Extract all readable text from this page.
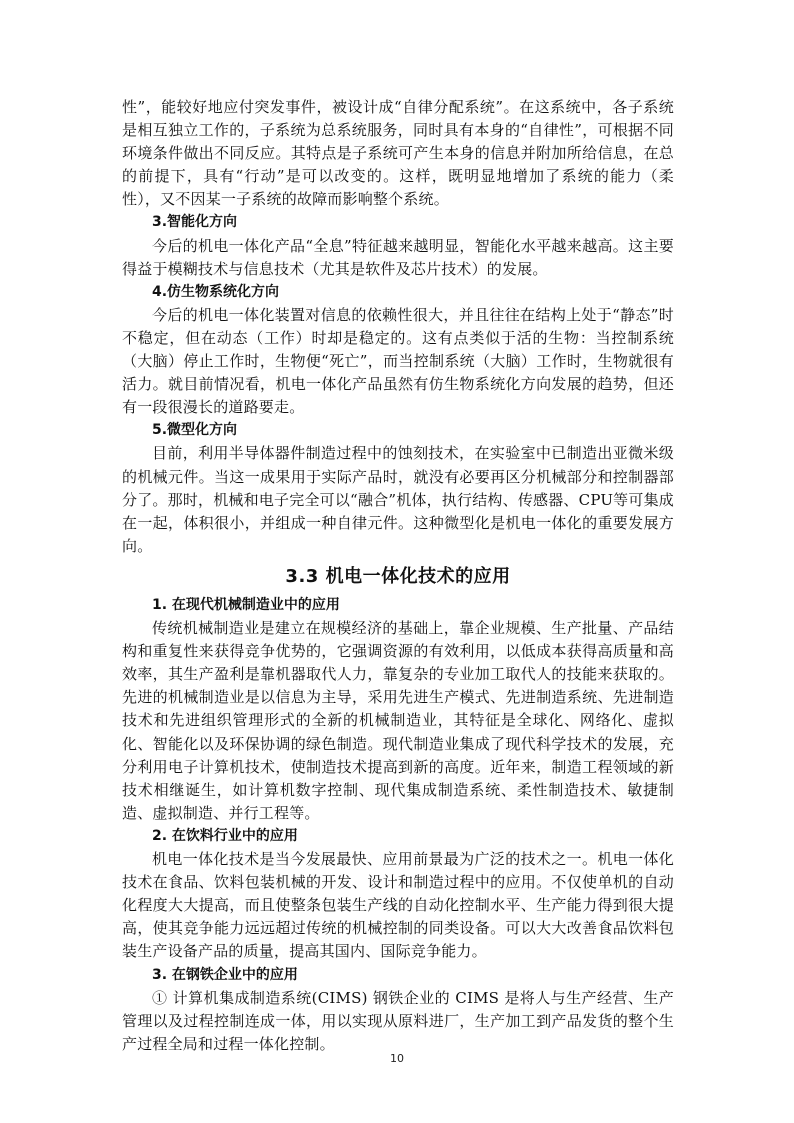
性”，能较好地应付突发事件，被设计成“自律分配系统”。在这系统中，各子系统是相互独立工作的，子系统为总系统服务，同时具有本身的“自律性”，可根据不同环境条件做出不同反应。其特点是子系统可产生本身的信息并附加所给信息，在总的前提下，具有“行动”是可以改变的。这样，既明显地增加了系统的能力（柔性），又不因某一子系统的故障而影响整个系统。

3.智能化方向

今后的机电一体化产品“全息”特征越来越明显，智能化水平越来越高。这主要得益于模糊技术与信息技术（尤其是软件及芯片技术）的发展。

4.仿生物系统化方向

今后的机电一体化装置对信息的依赖性很大，并且往往在结构上处于“静态”时不稳定，但在动态（工作）时却是稳定的。这有点类似于活的生物：当控制系统（大脑）停止工作时，生物便“死亡”，而当控制系统（大脑）工作时，生物就很有活力。就目前情况看，机电一体化产品虽然有仿生物系统化方向发展的趋势，但还有一段很漫长的道路要走。

5.微型化方向

目前，利用半导体器件制造过程中的蚀刻技术，在实验室中已制造出亚微米级的机械元件。当这一成果用于实际产品时，就没有必要再区分机械部分和控制器部分了。那时，机械和电子完全可以“融合”机体，执行结构、传感器、CPU等可集成在一起，体积很小，并组成一种自律元件。这种微型化是机电一体化的重要发展方向。

3.3 机电一体化技术的应用

1. 在现代机械制造业中的应用

传统机械制造业是建立在规模经济的基础上，靠企业规模、生产批量、产品结构和重复性来获得竞争优势的，它强调资源的有效利用，以低成本获得高质量和高效率，其生产盈利是靠机器取代人力，靠复杂的专业加工取代人的技能来获取的。先进的机械制造业是以信息为主导，采用先进生产模式、先进制造系统、先进制造技术和先进组织管理形式的全新的机械制造业，其特征是全球化、网络化、虚拟化、智能化以及环保协调的绿色制造。现代制造业集成了现代科学技术的发展，充分利用电子计算机技术，使制造技术提高到新的高度。近年来，制造工程领域的新技术相继诞生，如计算机数字控制、现代集成制造系统、柔性制造技术、敏捷制造、虚拟制造、并行工程等。

2. 在饮料行业中的应用

机电一体化技术是当今发展最快、应用前景最为广泛的技术之一。机电一体化技术在食品、饮料包装机械的开发、设计和制造过程中的应用。不仅使单机的自动化程度大大提高，而且使整条包装生产线的自动化控制水平、生产能力得到很大提高，使其竞争能力远远超过传统的机械控制的同类设备。可以大大改善食品饮料包装生产设备产品的质量，提高其国内、国际竞争能力。

3. 在钢铁企业中的应用

① 计算机集成制造系统(CIMS) 钢铁企业的 CIMS 是将人与生产经营、生产管理以及过程控制连成一体，用以实现从原料进厂，生产加工到产品发货的整个生产过程全局和过程一体化控制。

10
